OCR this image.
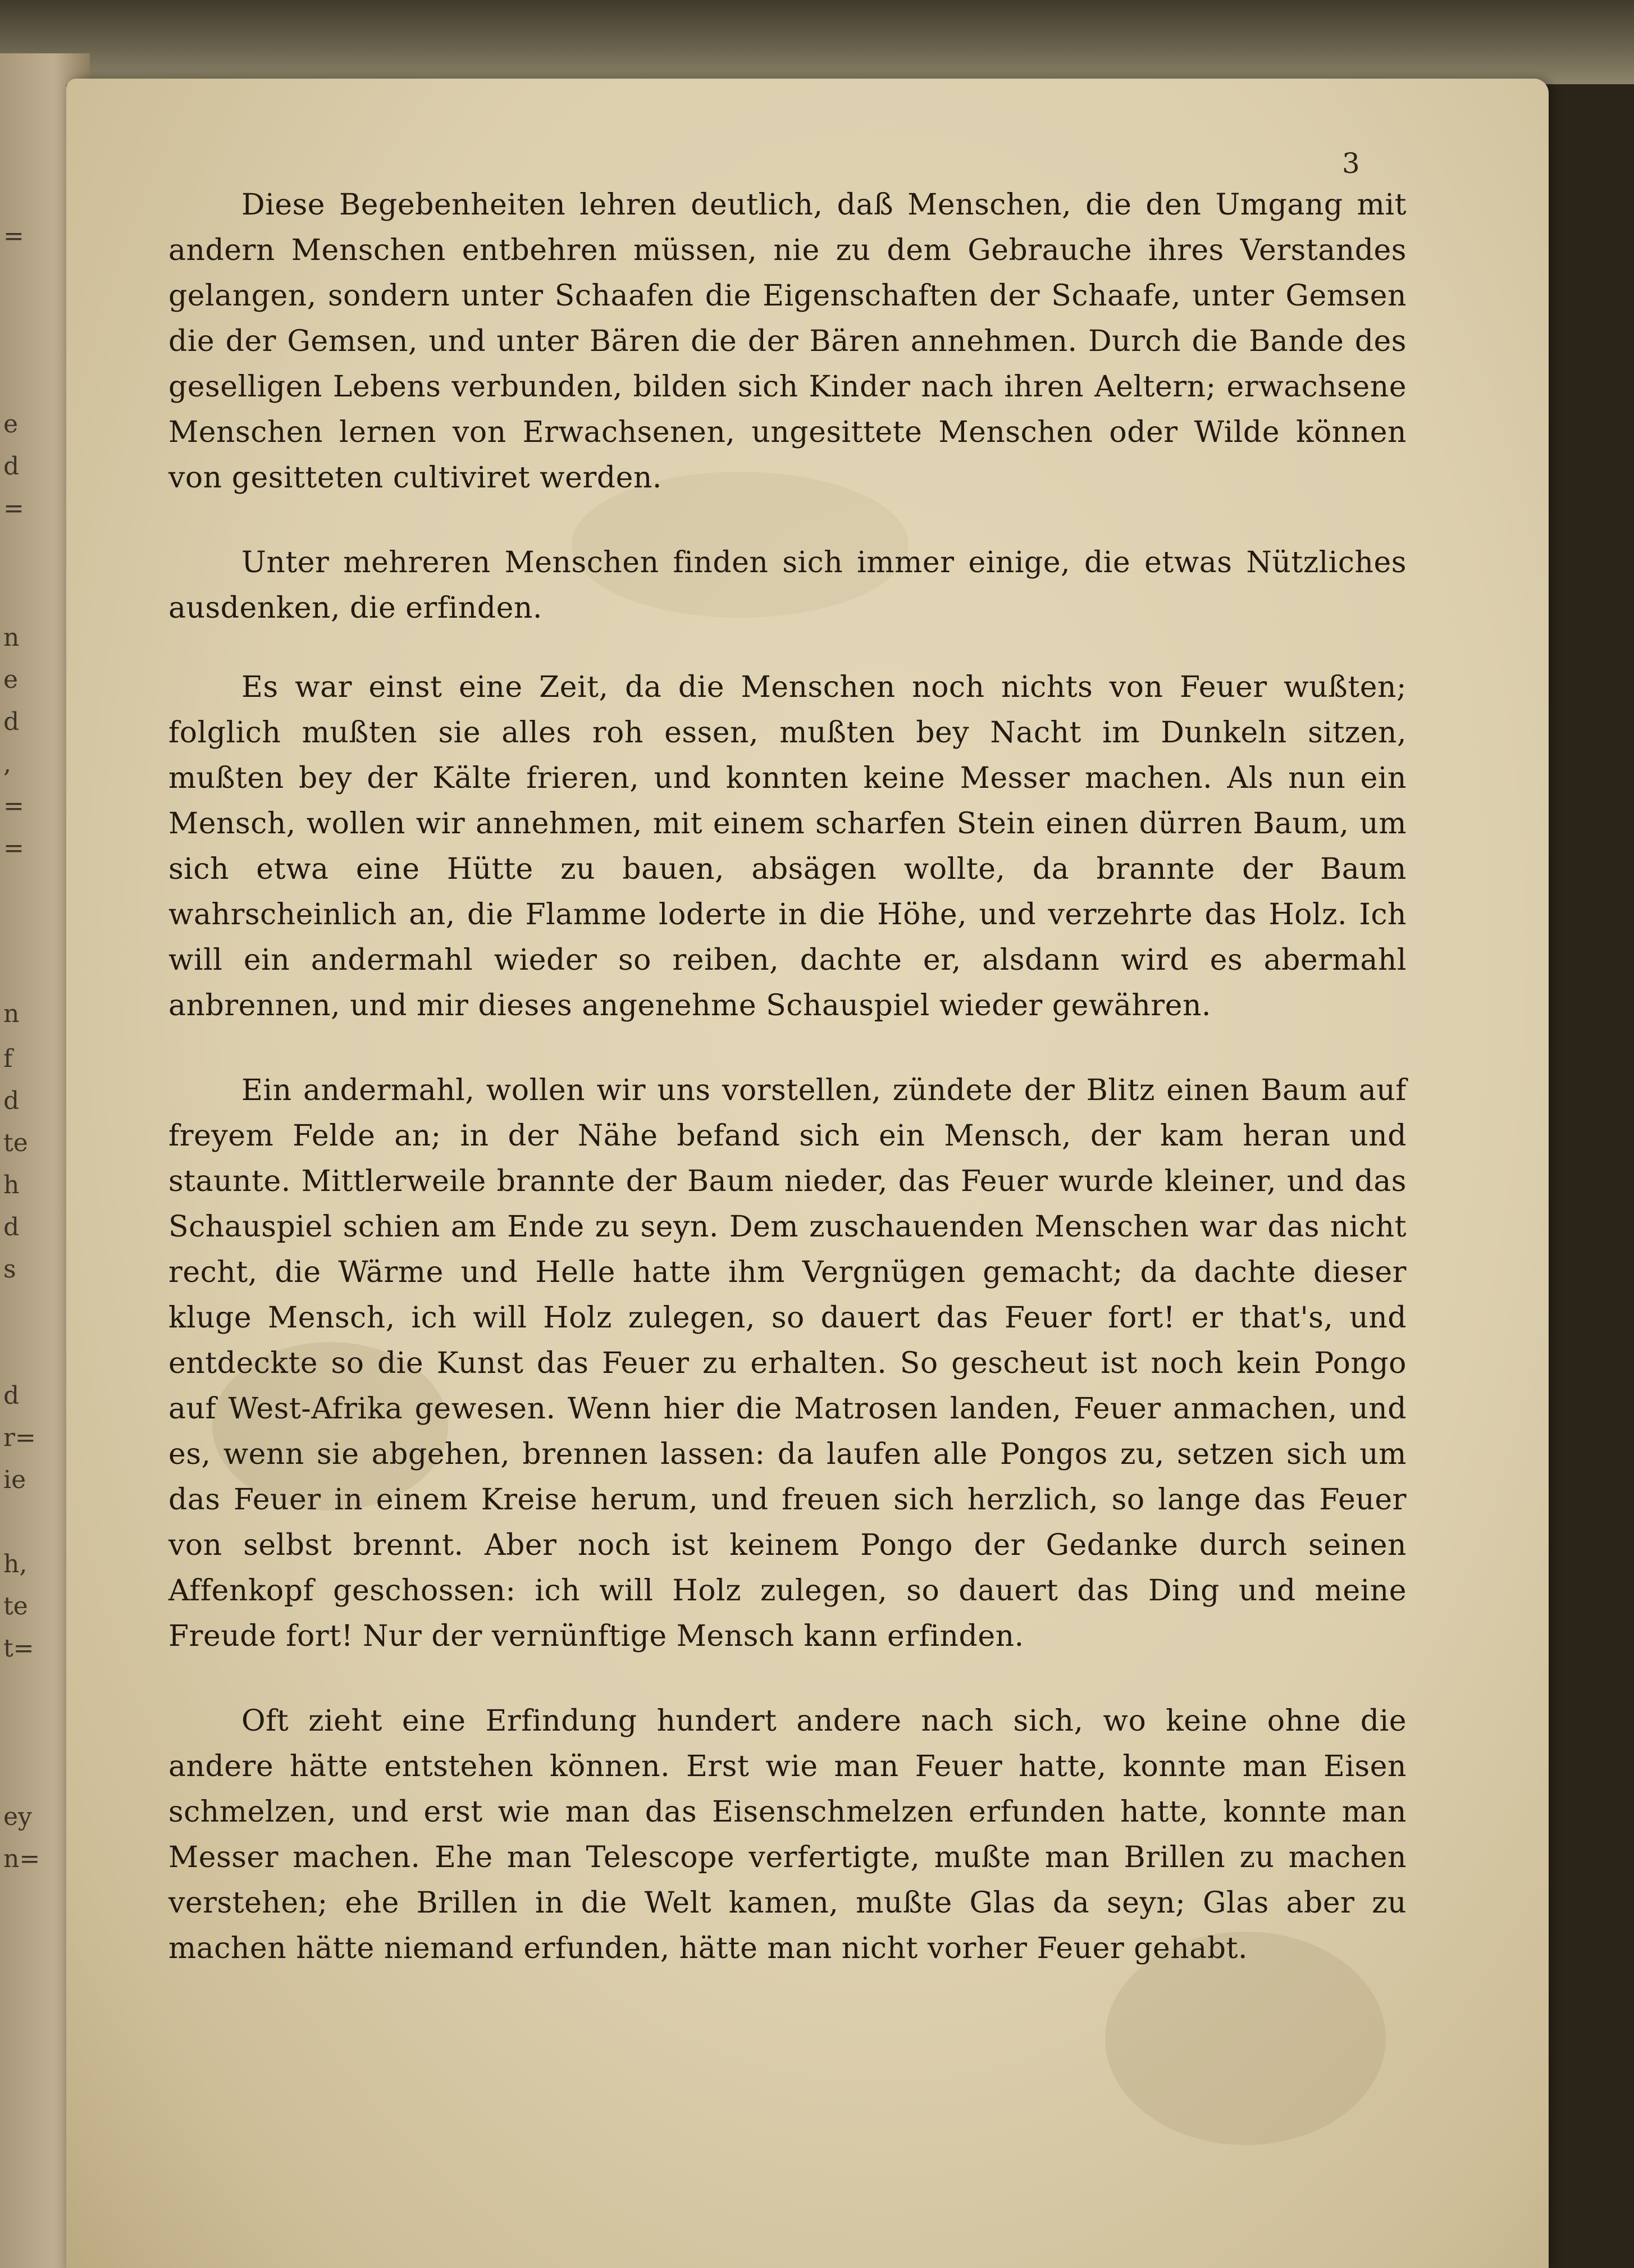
=
e
d
=
n
e
d
,
=
=
n
f
d
te
h
d
s
d
r=
ie
h,
te
t=
ey
n=
3

Diese Begebenheiten lehren deutlich, daß Menschen, die den Umgang mit andern Menschen entbehren müssen, nie zu dem Gebrauche ihres Verstandes gelangen, sondern unter Schaafen die Eigenschaften der Schaafe, unter Gemsen die der Gemsen, und unter Bären die der Bären annehmen. Durch die Bande des geselligen Lebens verbunden, bilden sich Kinder nach ihren Aeltern; erwachsene Menschen lernen von Erwachsenen, ungesittete Menschen oder Wilde können von gesitteten cultiviret werden.

Unter mehreren Menschen finden sich immer einige, die etwas Nützliches ausdenken, die erfinden.

Es war einst eine Zeit, da die Menschen noch nichts von Feuer wußten; folglich mußten sie alles roh essen, mußten bey Nacht im Dunkeln sitzen, mußten bey der Kälte frieren, und konnten keine Messer machen. Als nun ein Mensch, wollen wir annehmen, mit einem scharfen Stein einen dürren Baum, um sich etwa eine Hütte zu bauen, absägen wollte, da brannte der Baum wahrscheinlich an, die Flamme loderte in die Höhe, und verzehrte das Holz. Ich will ein andermahl wieder so reiben, dachte er, alsdann wird es abermahl anbrennen, und mir dieses angenehme Schauspiel wieder gewähren.

Ein andermahl, wollen wir uns vorstellen, zündete der Blitz einen Baum auf freyem Felde an; in der Nähe befand sich ein Mensch, der kam heran und staunte. Mittlerweile brannte der Baum nieder, das Feuer wurde kleiner, und das Schauspiel schien am Ende zu seyn. Dem zuschauenden Menschen war das nicht recht, die Wärme und Helle hatte ihm Vergnügen gemacht; da dachte dieser kluge Mensch, ich will Holz zulegen, so dauert das Feuer fort! er that's, und entdeckte so die Kunst das Feuer zu erhalten. So gescheut ist noch kein Pongo auf West-Afrika gewesen. Wenn hier die Matrosen landen, Feuer anmachen, und es, wenn sie abgehen, brennen lassen: da laufen alle Pongos zu, setzen sich um das Feuer in einem Kreise herum, und freuen sich herzlich, so lange das Feuer von selbst brennt. Aber noch ist keinem Pongo der Gedanke durch seinen Affenkopf geschossen: ich will Holz zulegen, so dauert das Ding und meine Freude fort! Nur der vernünftige Mensch kann erfinden.

Oft zieht eine Erfindung hundert andere nach sich, wo keine ohne die andere hätte entstehen können. Erst wie man Feuer hatte, konnte man Eisen schmelzen, und erst wie man das Eisenschmelzen erfunden hatte, konnte man Messer machen. Ehe man Telescope verfertigte, mußte man Brillen zu machen verstehen; ehe Brillen in die Welt kamen, mußte Glas da seyn; Glas aber zu machen hätte niemand erfunden, hätte man nicht vorher Feuer gehabt.
